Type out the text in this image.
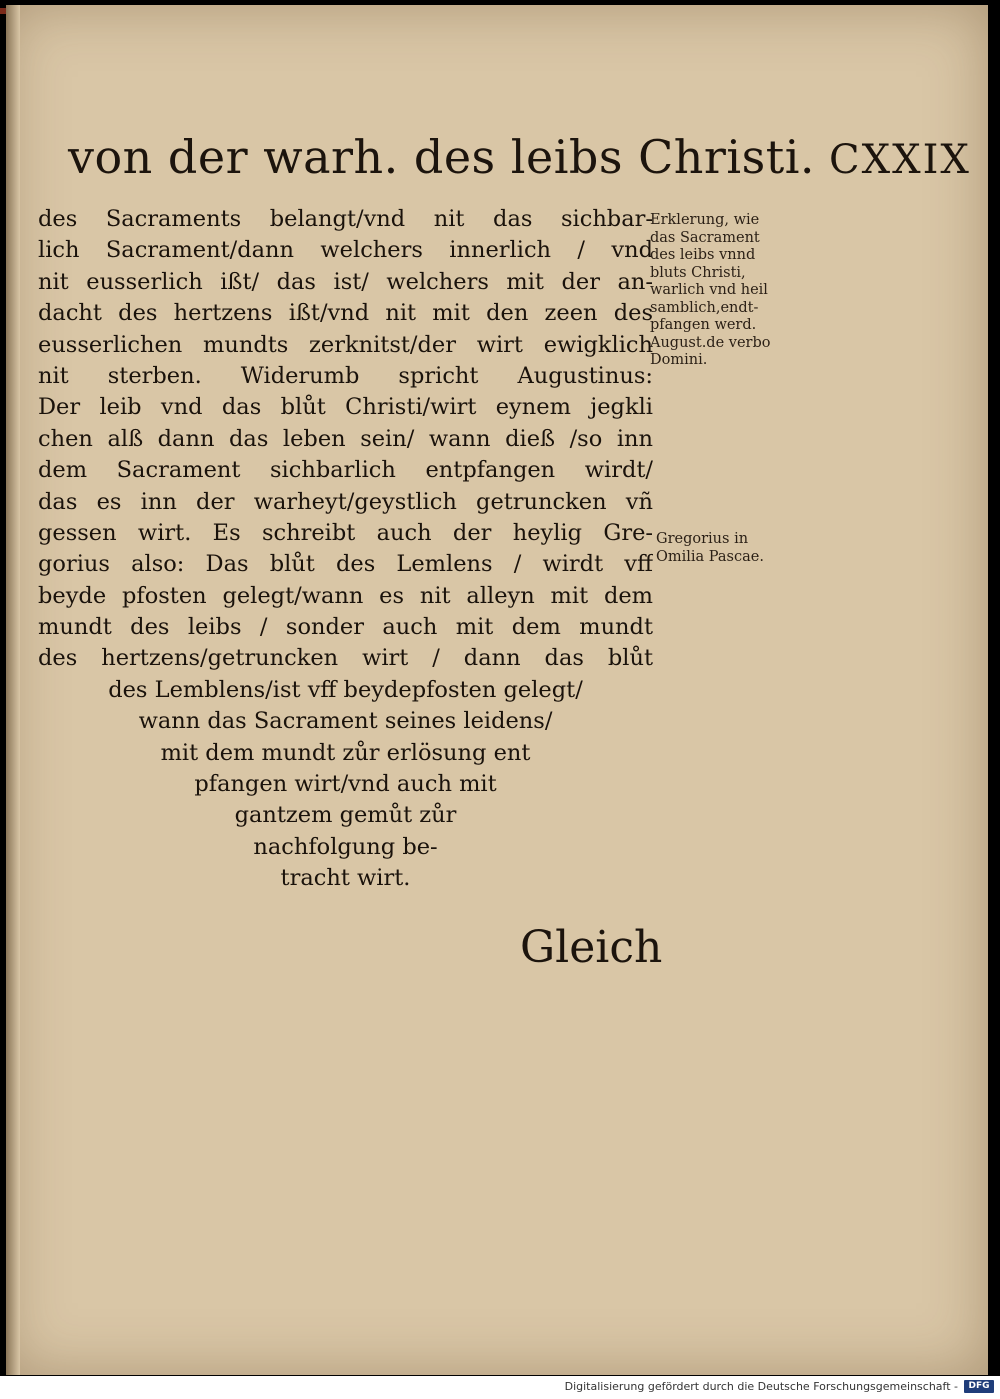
von der warh. des leibs Christi. CXXIX
des Sacraments belangt/vnd nit das sichbar-
lich Sacrament/dann welchers innerlich / vnd
nit eusserlich ißt/ das ist/ welchers mit der an-
dacht des hertzens ißt/vnd nit mit den zeen des
eusserlichen mundts zerknitst/der wirt ewigklich
nit sterben. Widerumb spricht Augustinus:
Der leib vnd das blůt Christi/wirt eynem jegkli
chen alß dann das leben sein/ wann dieß /so inn
dem Sacrament sichbarlich entpfangen wirdt/
das es inn der warheyt/geystlich getruncken vñ
gessen wirt. Es schreibt auch der heylig Gre-
gorius also: Das blůt des Lemlens / wirdt vff
beyde pfosten gelegt/wann es nit alleyn mit dem
mundt des leibs / sonder auch mit dem mundt
des hertzens/getruncken wirt / dann das blůt
des Lemblens/ist vff beydepfosten gelegt/
wann das Sacrament seines leidens/
mit dem mundt zůr erlösung ent
pfangen wirt/vnd auch mit
gantzem gemůt zůr
nachfolgung be-
tracht wirt.
Erklerung, wie
das Sacrament
des leibs vnnd
bluts Christi,
warlich vnd heil
samblich,endt-
pfangen werd.
August.de verbo
Domini.
Gregorius in
Omilia Pascae.
Gleich
Digitalisierung gefördert durch die Deutsche Forschungsgemeinschaft -	DFG
